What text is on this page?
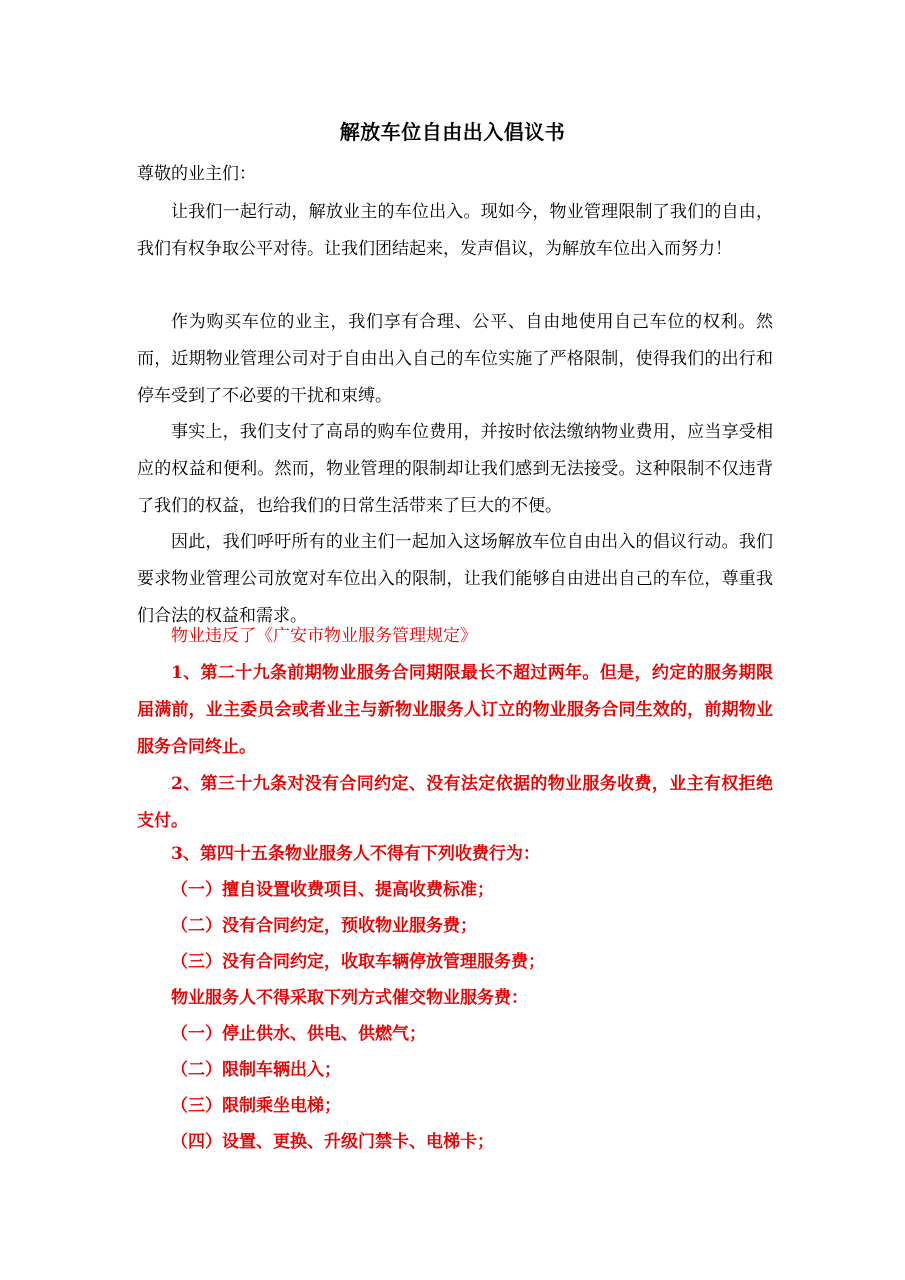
解放车位自由出入倡议书
尊敬的业主们：

让我们一起行动，解放业主的车位出入。现如今，物业管理限制了我们的自由，我们有权争取公平对待。让我们团结起来，发声倡议，为解放车位出入而努力！

作为购买车位的业主，我们享有合理、公平、自由地使用自己车位的权利。然而，近期物业管理公司对于自由出入自己的车位实施了严格限制，使得我们的出行和停车受到了不必要的干扰和束缚。

事实上，我们支付了高昂的购车位费用，并按时依法缴纳物业费用，应当享受相应的权益和便利。然而，物业管理的限制却让我们感到无法接受。这种限制不仅违背了我们的权益，也给我们的日常生活带来了巨大的不便。

因此，我们呼吁所有的业主们一起加入这场解放车位自由出入的倡议行动。我们要求物业管理公司放宽对车位出入的限制，让我们能够自由进出自己的车位，尊重我们合法的权益和需求。

物业违反了《广安市物业服务管理规定》

1、第二十九条前期物业服务合同期限最长不超过两年。但是，约定的服务期限届满前，业主委员会或者业主与新物业服务人订立的物业服务合同生效的，前期物业服务合同终止。

2、第三十九条对没有合同约定、没有法定依据的物业服务收费，业主有权拒绝支付。

3、第四十五条物业服务人不得有下列收费行为：
（一）擅自设置收费项目、提高收费标准；
（二）没有合同约定，预收物业服务费；
（三）没有合同约定，收取车辆停放管理服务费；
物业服务人不得采取下列方式催交物业服务费：
（一）停止供水、供电、供燃气；
（二）限制车辆出入；
（三）限制乘坐电梯；
（四）设置、更换、升级门禁卡、电梯卡；
